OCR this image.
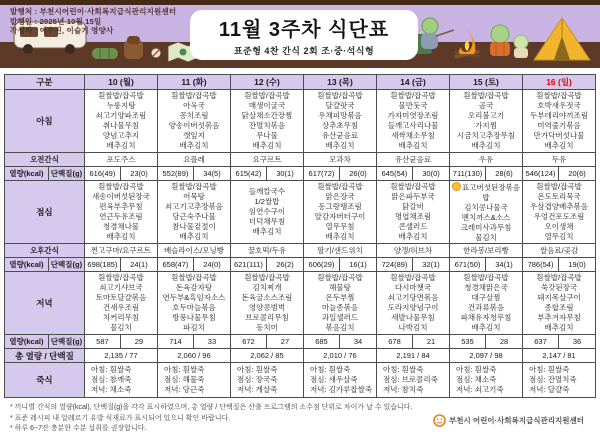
발행처 : 부천시어린이·사회복지급식관리지원센터
발행일 : 2025년 10월 15일
작성자 : 이수진, 이슬기 영양사	11월 3주차 식단표
표준형 4찬 간식 2회 조·중·석식형
구분		10 (월)		11 (화)		12 (수)		13 (목)		14 (금)		15 (토)		16 (일)	
아침	
흰쌀밥/잡곡밥
누룽지탕
쇠고기양파조림
취나물무침
양념고추지
배추김치

흰쌀밥/잡곡밥
아욱국
꽁치조림
양송이버섯볶음
깻잎지
배추김치

흰쌀밥/잡곡밥
매생이굴국
닭살채소간장찜
잔멸치볶음
무나물
배추김치

흰쌀밥/잡곡밥
달걀팟국
우채피망볶음
상추초무침
유산균음료
배추김치

흰쌀밥/잡곡밥
물만둣국
가자미엿장조림
들깨고사리나물
새싹채소무침
배추김치

흰쌀밥/잡곡밥
곰국
오리불고기
가지찜
시금치고추장무침
배추김치

흰쌀밥/잡곡밥
호박새우젓국
두부데리야끼조림
미역줄기볶음
만가닥버섯나물
배추김치

오전간식		포도주스		요플레		요구르트		모과차		유산균음료		우유		두유	

열량(kcal)	단백질(g)	616(49)	23(0)	552(89)	34(5)	615(42)	30(1)	617(72)	26(0)	645(54)	30(0)	711(130)	28(6)	546(124)	20(6)
점심	
흰쌀밥/잡곡밥
새송이버섯된장국
편육부추무침
연근두유조림
청경채나물
배추김치

흰쌀밥/잡곡밥
어묵탕
쇠고기고추장볶음
당근숙주나물
참나물겉절이
배추김치

들깨칼국수
1/2쌀밥
임연수구이
더덕채무침
배추김치

흰쌀밥/잡곡밥
맑은장국
동그랑땡조림
알감자버터구이
열무무침
배추김치

흰쌀밥/잡곡밥
맑은파두부국
닭갈비
명엽채조림
콘샐러드
배추김치

표고버섯된장볶음밥
김치콩나물국
멘치까스&소스
크레미사과무침
물김치

흰쌀밥/잡곡밥
온도토리묵국
우삼겹양배추볶음
우엉건포도조림
오이생채
열무김치

오후간식		찐고구마/요구르트		배슬라이스/모닝빵		꿀호떡/두유		딸기/샌드위치		양갱/허브차		한라봉/보리빵		쌀음료/곶감	

열량(kcal)	단백질(g)	698(185)	24(1)	658(47)	24(0)	621(111)	26(2)	606(29)	16(1)	724(89)	32(1)	671(50)	34(1)	786(54)	19(0)
저녁	
흰쌀밥/잡곡밥
쇠고기샤브국
토마토달걀볶음
건새우조림
치커리무침
물김치

흰쌀밥/잡곡밥
돈육감자탕
연두부&흑임자소스
호두마늘볶음
방풍나물무침
파김치

흰쌀밥/잡곡밥
김치찌개
돈육굴소스조림
영양콩범벅
브로콜리무침
동치미

흰쌀밥/잡곡밥
해물탕
온두부찜
마늘종볶음
과일샐러드
볶음김치

흰쌀밥/잡곡밥
다시마챗국
쇠고기당면볶음
도라지양념구이
세발나물무침
나박김치

흰쌀밥/잡곡밥
청경채맑은국
대구살찜
건과류볶음
파채유자청무침
배추김치

흰쌀밥/잡곡밥
쑥갓된장국
돼지목살구이
종합조림
부추겨자무침
배추김치

열량(kcal)	단백질(g)	587	29	714	33	672	27	685	34	678	21	535	28	637	36
총 열량 / 단백질		2,135 / 77		2,060 / 96		2,062 / 85		2,010 / 76		2,191 / 84		2,097 / 98		2,147 / 81	

죽식	
아침: 흰쌀죽
점심: 참깨죽
저녁: 채소죽

아침: 흰쌀죽
점심: 해물죽
저녁: 당근죽

아침: 흰쌀죽
점심: 장국죽
저녁: 게살죽

아침: 흰쌀죽
점심: 새우살죽
저녁: 김가루찹쌀죽

아침: 흰쌀죽
점심: 브로콜리죽
저녁: 참치죽

아침: 흰쌀죽
점심: 채소죽
저녁: 쇠고기죽

아침: 흰쌀죽
점심: 잔멸치죽
저녁: 달걀죽
* 끼니별 간식의 열량(kcal), 단백질(g)을 각각 표시하였으며, 총 열량 / 단백질은 산출 프로그램의 소수점 단위로 차이가 날 수 있습니다.
* 표준 레시피 내 알레르기 유발 식재료가 표시되어 있으니 확인 바랍니다.
* 하루 6~7잔 충분한 수분 섭취를 권장합니다.
부천시 어린이·사회복지급식관리지원센터
